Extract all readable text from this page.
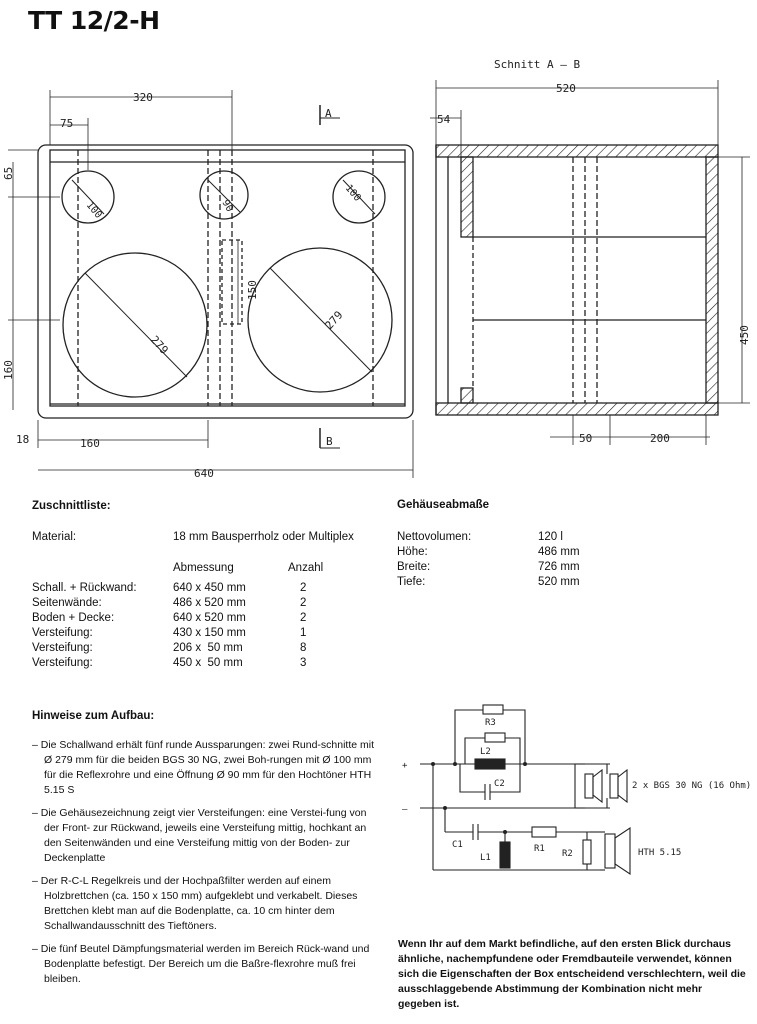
TT 12/2-H
320
75
65
160
18	160
640
100	90
100
279
279
150
A
B
Schnitt A – B
520
54
450
50	200
+
–
R3
L2
C2
C1
L1
R1 R2
2 x BGS 30 NG (16 Ohm)
HTH 5.15
Zuschnittliste:
Material:	18 mm Bausperrholz oder Multiplex
Abmessung	Anzahl
Schall. + Rückwand:	640 x 450 mm	2
Seitenwände:	486 x 520 mm	2
Boden + Decke:	640 x 520 mm	2
Versteifung:	430 x 150 mm	1
Versteifung:	206 x  50 mm	8
Versteifung:	450 x  50 mm	3
Gehäuseabmaße
Nettovolumen:	120 l
Höhe:	486 mm
Breite:	726 mm
Tiefe:	520 mm
Hinweise zum Aufbau:

– Die Schallwand erhält fünf runde Aussparungen: zwei Rund-schnitte mit Ø 279 mm für die beiden BGS 30 NG, zwei Boh-rungen mit Ø 100 mm für die Reflexrohre und eine Öffnung Ø 90 mm für den Hochtöner HTH 5.15 S

– Die Gehäusezeichnung zeigt vier Versteifungen: eine Verstei-fung von der Front- zur Rückwand, jeweils eine Versteifung mittig, hochkant an den Seitenwänden und eine Versteifung mittig von der Boden- zur Deckenplatte

– Der R-C-L Regelkreis und der Hochpaßfilter werden auf einem Holzbrettchen (ca. 150 x 150 mm) aufgeklebt und verkabelt. Dieses Brettchen klebt man auf die Bodenplatte, ca. 10 cm hinter dem Schallwandausschnitt des Tieftöners.

– Die fünf Beutel Dämpfungsmaterial werden im Bereich Rück-wand und Bodenplatte befestigt. Der Bereich um die Baßre-flexrohre muß frei bleiben.

Wenn Ihr auf dem Markt befindliche, auf den ersten Blick durchaus ähnliche, nachempfundene oder Fremdbauteile verwendet, können sich die Eigenschaften der Box entscheidend verschlechtern, weil die ausschlaggebende Abstimmung der Kombination nicht mehr gegeben ist.
